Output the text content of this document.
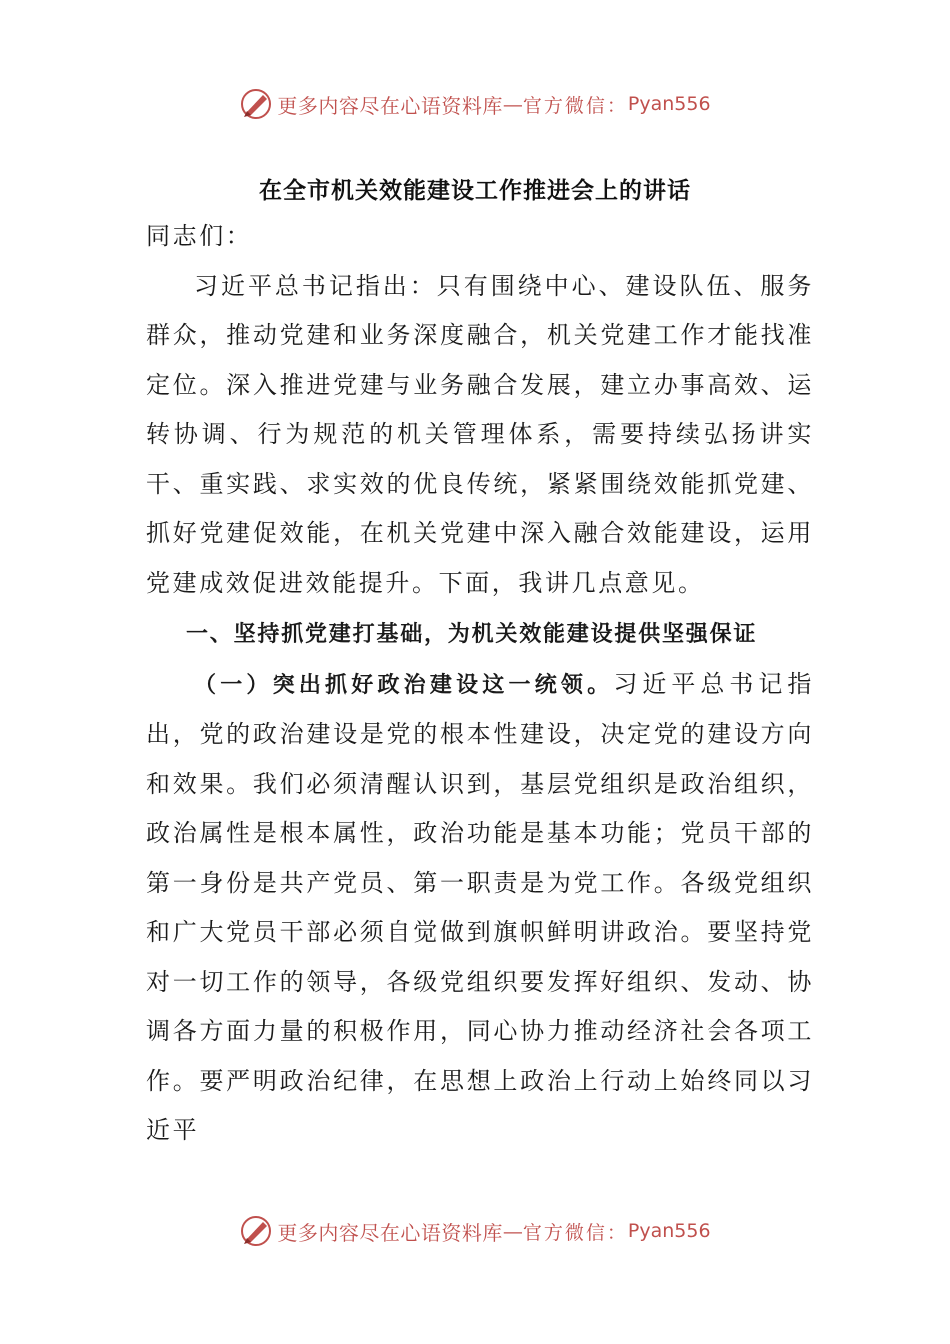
更多内容尽在心语资料库 — 官方微信： Pyan556
在全市机关效能建设工作推进会上的讲话

同志们：

习近平总书记指出：只有围绕中心、建设队伍、服务群众，推动党建和业务深度融合，机关党建工作才能找准定位。深入推进党建与业务融合发展，建立办事高效、运转协调、行为规范的机关管理体系，需要持续弘扬讲实干、重实践、求实效的优良传统，紧紧围绕效能抓党建、抓好党建促效能，在机关党建中深入融合效能建设，运用党建成效促进效能提升。下面，我讲几点意见。

一、坚持抓党建打基础，为机关效能建设提供坚强保证

（一）突出抓好政治建设这一统领。习近平总书记指出，党的政治建设是党的根本性建设，决定党的建设方向和效果。我们必须清醒认识到，基层党组织是政治组织，政治属性是根本属性，政治功能是基本功能；党员干部的第一身份是共产党员、第一职责是为党工作。各级党组织和广大党员干部必须自觉做到旗帜鲜明讲政治。要坚持党对一切工作的领导，各级党组织要发挥好组织、发动、协调各方面力量的积极作用，同心协力推动经济社会各项工作。要严明政治纪律，在思想上政治上行动上始终同以习近平

更多内容尽在心语资料库 — 官方微信： Pyan556
